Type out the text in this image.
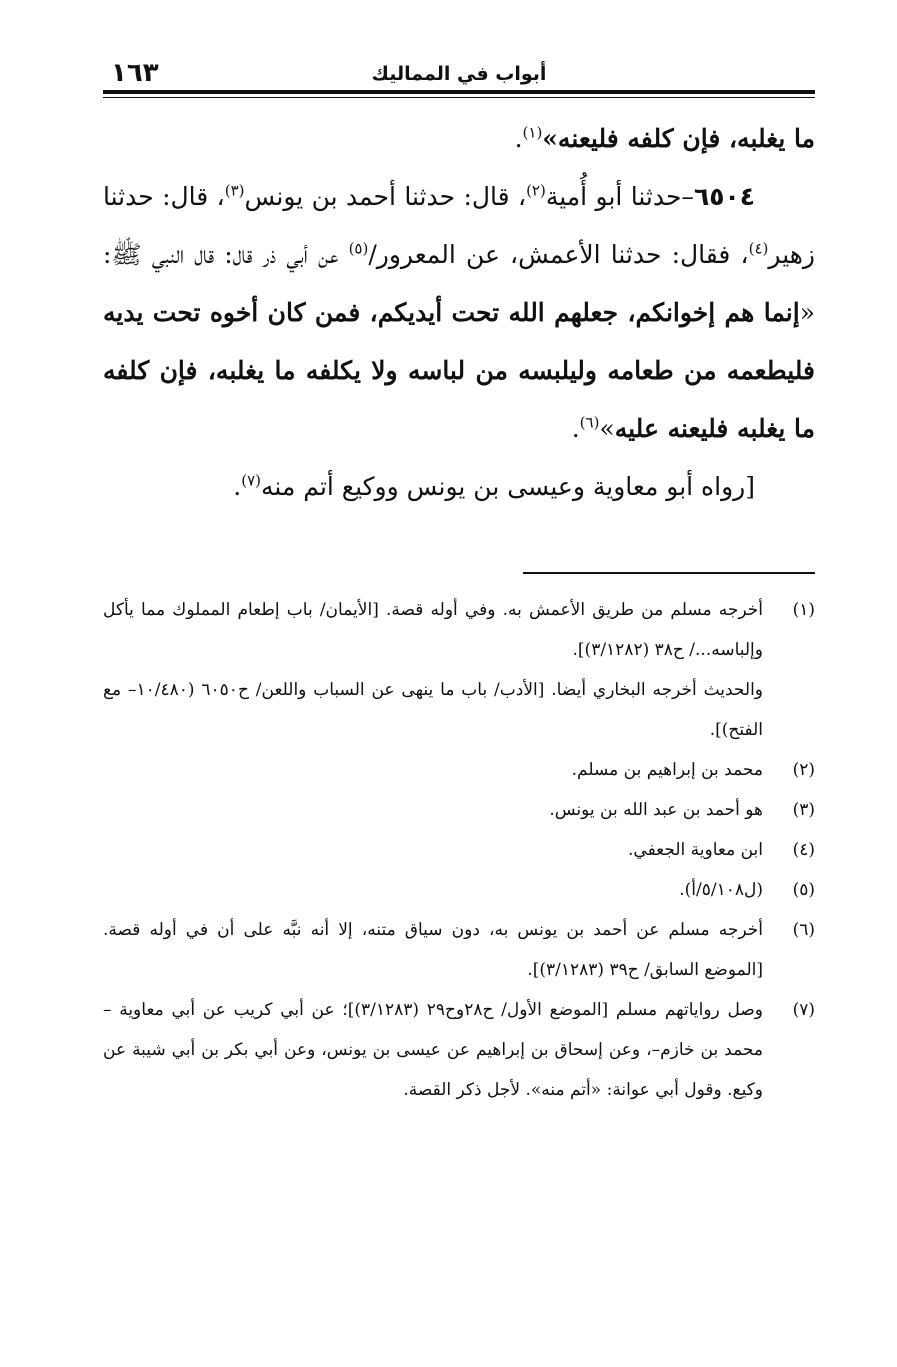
١٦٣	أبواب في المماليك

ما يغلبه، فإن كلفه فليعنه»$^{(١)}$.

٦٥٠٤–حدثنا أبو أُمية$^{(٢)}$، قال: حدثنا أحمد بن يونس$^{(٣)}$، قال: حدثنا زهير$^{(٤)}$، فقال: حدثنا الأعمش، عن المعرور/$^{(٥)}$ عن أبي ذر قال: قال النبي ﷺ: «إنما هم إخوانكم، جعلهم الله تحت أيديكم، فمن كان أخوه تحت يديه فليطعمه من طعامه وليلبسه من لباسه ولا يكلفه ما يغلبه، فإن كلفه ما يغلبه فليعنه عليه»$^{(٦)}$.

[رواه أبو معاوية وعيسى بن يونس ووكيع أتم منه$^{(٧)}$.

(١)
أخرجه مسلم من طريق الأعمش به. وفي أوله قصة. [الأيمان/ باب إطعام المملوك مما يأكل وإلباسه.../ ح٣٨ (٣/١٢٨٢)].

والحديث أخرجه البخاري أيضا. [الأدب/ باب ما ينهى عن السباب واللعن/ ح٦٠٥٠ (١٠/٤٨٠– مع الفتح)].

(٢)
محمد بن إبراهيم بن مسلم.

(٣)
هو أحمد بن عبد الله بن يونس.

(٤)
ابن معاوية الجعفي.

(٥)
(ل٥/١٠٨/أ).

(٦)
أخرجه مسلم عن أحمد بن يونس به، دون سياق متنه، إلا أنه نبَّه على أن في أوله قصة. [الموضع السابق/ ح٣٩ (٣/١٢٨٣)].

(٧)
وصل رواياتهم مسلم [الموضع الأول/ ح٢٨وح٢٩ (٣/١٢٨٣)]؛ عن أبي كريب عن أبي معاوية –محمد بن خازم–، وعن إسحاق بن إبراهيم عن عيسى بن يونس، وعن أبي بكر بن أبي شيبة عن وكيع. وقول أبي عوانة: «أتم منه». لأجل ذكر القصة.
